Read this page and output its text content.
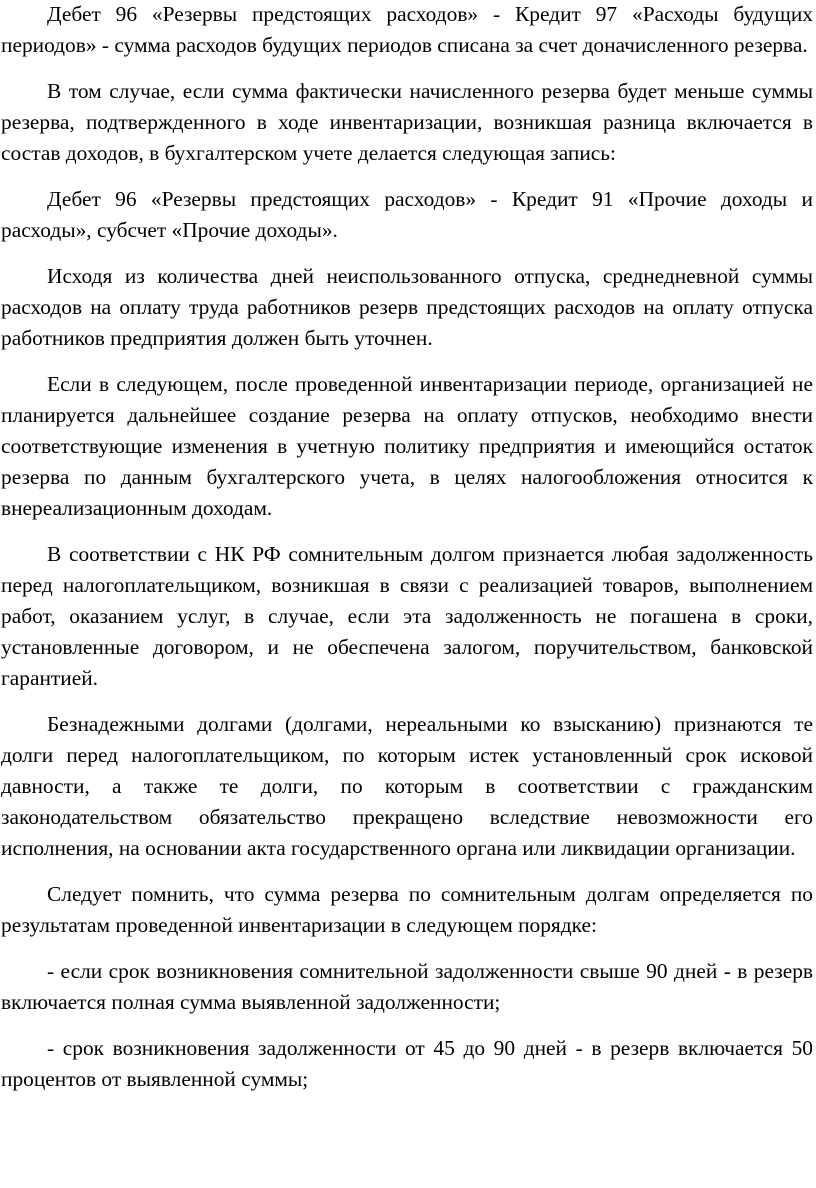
Дебет 96 «Резервы предстоящих расходов» - Кредит 97 «Расходы будущих периодов» - сумма расходов будущих периодов списана за счет доначисленного резерва.

В том случае, если сумма фактически начисленного резерва будет меньше суммы резерва, подтвержденного в ходе инвентаризации, возникшая разница включается в состав доходов, в бухгалтерском учете делается следующая запись:

Дебет 96 «Резервы предстоящих расходов» - Кредит 91 «Прочие доходы и расходы», субсчет «Прочие доходы».

Исходя из количества дней неиспользованного отпуска, среднедневной суммы расходов на оплату труда работников резерв предстоящих расходов на оплату отпуска работников предприятия должен быть уточнен.

Если в следующем, после проведенной инвентаризации периоде, организацией не планируется дальнейшее создание резерва на оплату отпусков, необходимо внести соответствующие изменения в учетную политику предприятия и имеющийся остаток резерва по данным бухгалтерского учета, в целях налогообложения относится к внереализационным доходам.

В соответствии с НК РФ сомнительным долгом признается любая задолженность перед налогоплательщиком, возникшая в связи с реализацией товаров, выполнением работ, оказанием услуг, в случае, если эта задолженность не погашена в сроки, установленные договором, и не обеспечена залогом, поручительством, банковской гарантией.

Безнадежными долгами (долгами, нереальными ко взысканию) признаются те долги перед налогоплательщиком, по которым истек установленный срок исковой давности, а также те долги, по которым в соответствии с гражданским законодательством обязательство прекращено вследствие невозможности его исполнения, на основании акта государственного органа или ликвидации организации.

Следует помнить, что сумма резерва по сомнительным долгам определяется по результатам проведенной инвентаризации в следующем порядке:

- если срок возникновения сомнительной задолженности свыше 90 дней - в резерв включается полная сумма выявленной задолженности;

- срок возникновения задолженности от 45 до 90 дней - в резерв включается 50 процентов от выявленной суммы;
